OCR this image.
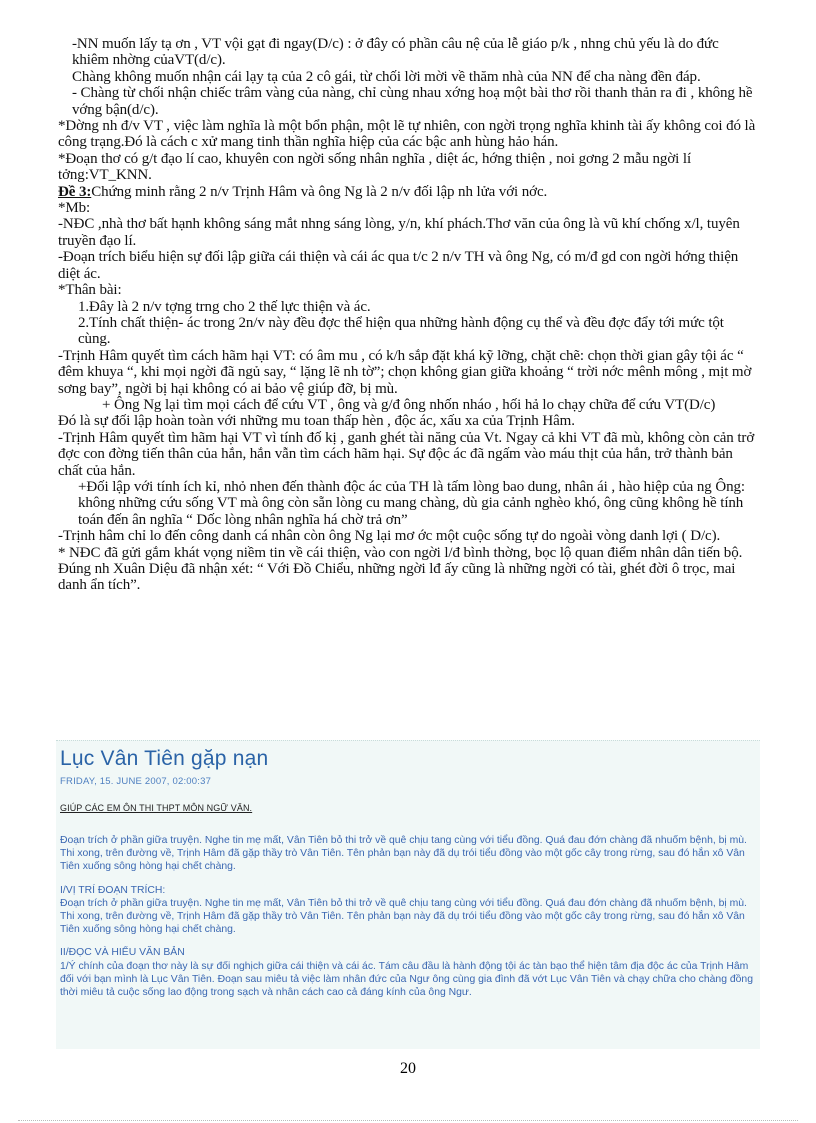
-NN muốn lấy tạ ơn , VT vội gạt đi ngay(D/c) : ở đây có phần câu nệ của lễ giáo p/k , nhng chủ yếu là do đức khiêm nhờng củaVT(d/c).

Chàng không muốn nhận cái lạy tạ của 2 cô gái, từ chối lời mời về thăm nhà của NN để cha nàng đền đáp.

- Chàng từ chối nhận chiếc trâm vàng của nàng, chỉ cùng nhau xớng hoạ một bài thơ rồi thanh thản ra đi , không hề vớng bận(d/c).

*Dờng nh đ/v VT , việc làm nghĩa là một bổn phận, một lẽ tự nhiên, con ngời trọng nghĩa khinh tài ấy không coi đó là công trạng.Đó là cách c xử mang tinh thần nghĩa hiệp của các bậc anh hùng hảo hán.

*Đoạn thơ có g/t đạo lí cao, khuyên con ngời sống nhân nghĩa , diệt ác, hớng thiện , noi gơng 2 mẫu ngời lí tởng:VT_KNN.

Đề 3:Chứng minh rằng 2 n/v Trịnh Hâm và ông Ng là 2 n/v đối lập nh lửa với nớc.

*Mb:

-NĐC ,nhà thơ bất hạnh không sáng mắt nhng sáng lòng, y/n, khí phách.Thơ văn của ông là vũ khí chống x/l, tuyên truyền đạo lí.

-Đoạn trích biểu hiện sự đối lập giữa cái thiện và cái ác qua t/c 2 n/v TH và ông Ng, có m/đ gd con ngời hớng thiện diệt ác.

*Thân bài:

1.Đây là 2 n/v tợng trng cho 2 thế lực thiện và ác.

2.Tính chất thiện- ác trong 2n/v này đều đợc thể hiện qua những hành động cụ thể và đều đợc đẩy tới mức tột cùng.

-Trịnh Hâm quyết tìm cách hãm hại VT: có âm mu , có k/h sắp đặt khá kỹ lỡng, chặt chẽ: chọn thời gian gây tội ác “ đêm khuya “, khi mọi ngời đã ngủ say, “ lặng lẽ nh tờ”; chọn không gian giữa khoảng “ trời nớc mênh mông , mịt mờ sơng bay”, ngời bị hại không có ai bảo vệ giúp đỡ, bị mù.

+ Ông Ng lại tìm mọi cách để cứu VT , ông và g/đ ông nhốn nháo , hối hả lo chạy chữa để cứu VT(D/c)

Đó là sự đối lập hoàn toàn với những mu toan thấp hèn , độc ác, xấu xa của Trịnh Hâm.

-Trịnh Hâm quyết tìm hãm hại VT vì tính đố kị , ganh ghét tài năng của Vt. Ngay cả khi VT đã mù, không còn cản trở đợc con đờng tiến thân của hắn, hắn vẫn tìm cách hãm hại. Sự độc ác đã ngấm vào máu thịt của hắn, trở thành bản chất của hắn.

+Đối lập với tính ích kỉ, nhỏ nhen đến thành độc ác của TH là tấm lòng bao dung, nhân ái , hào hiệp của ng Ông: không những cứu sống VT mà ông còn sẵn lòng cu mang chàng, dù gia cảnh nghèo khó, ông cũng không hề tính toán đến ân nghĩa “ Dốc lòng nhân nghĩa há chờ trả ơn”

-Trịnh hâm chỉ lo đến công danh cá nhân còn ông Ng lại mơ ớc một cuộc sống tự do ngoài vòng danh lợi ( D/c).

* NĐC đã gửi gắm khát vọng niềm tin về cái thiện, vào con ngời l/đ bình thờng, bọc lộ quan điểm nhân dân tiến bộ. Đúng nh Xuân Diệu đã nhận xét: “ Với Đồ Chiểu, những ngời lđ ấy cũng là những ngời có tài, ghét đời ô trọc, mai danh ẩn tích”.

Lục Vân Tiên gặp nạn
FRIDAY, 15. JUNE 2007, 02:00:37
GIÚP CÁC EM ÔN THI THPT MÔN NGỮ VĂN.

Đoạn trích ở phần giữa truyện. Nghe tin mẹ mất, Vân Tiên bỏ thi trở về quê chịu tang cùng với tiểu đồng. Quá đau đớn chàng đã nhuốm bệnh, bị mù. Thi xong, trên đường về, Trịnh Hâm đã gặp thầy trò Vân Tiên. Tên phản bạn này đã dụ trói tiểu đồng vào một gốc cây trong rừng, sau đó hắn xô Vân Tiên xuống sông hòng hại chết chàng.

I/VỊ TRÍ ĐOẠN TRÍCH:

Đoạn trích ở phần giữa truyện. Nghe tin mẹ mất, Vân Tiên bỏ thi trở về quê chịu tang cùng với tiểu đồng. Quá đau đớn chàng đã nhuốm bệnh, bị mù. Thi xong, trên đường về, Trịnh Hâm đã gặp thầy trò Vân Tiên. Tên phản bạn này đã dụ trói tiểu đồng vào một gốc cây trong rừng, sau đó hắn xô Vân Tiên xuống sông hòng hại chết chàng.

II/ĐỌC VÀ HIỂU VĂN BẢN

1/Ý chính của đoạn thơ này là sự đối nghịch giữa cái thiện và cái ác. Tám câu đầu là hành động tội ác tàn bạo thể hiện tâm địa độc ác của Trịnh Hâm đối với bạn mình là Lục Vân Tiên. Đoạn sau miêu tả việc làm nhân đức của Ngư ông cùng gia đình đã vớt Lục Vân Tiên và chạy chữa cho chàng đồng thời miêu tả cuộc sống lao động trong sạch và nhân cách cao cả đáng kính của ông Ngư.

20
